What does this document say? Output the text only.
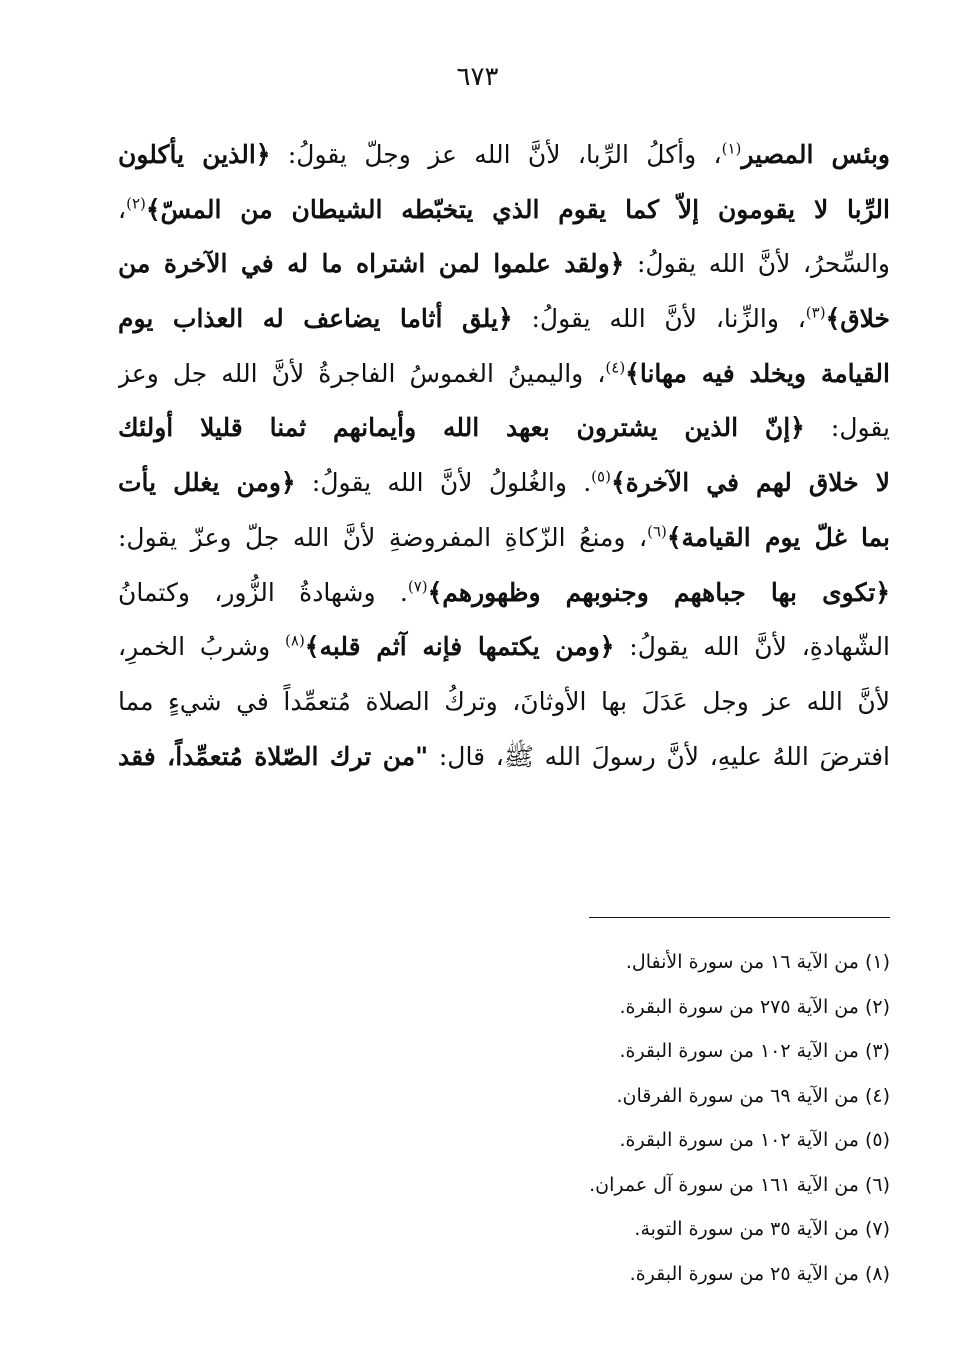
٦٧٣
وبئس المصير$^{(١)}$، وأكلُ الرِّبا، لأنَّ الله عز وجلّ يقولُ: ﴿الذين يأكلون
الرِّبا لا يقومون إلاّ كما يقوم الذي يتخبّطه الشيطان من المسّ﴾$^{(٢)}$،
والسِّحرُ، لأنَّ الله يقولُ: ﴿ولقد علموا لمن اشتراه ما له في الآخرة من
خلاق﴾$^{(٣)}$، والزِّنا، لأنَّ الله يقولُ: ﴿يلق أثاما يضاعف له العذاب يوم
القيامة ويخلد فيه مهانا﴾$^{(٤)}$، واليمينُ الغموسُ الفاجرةُ لأنَّ الله جل وعز
يقول: ﴿إنّ الذين يشترون بعهد الله وأيمانهم ثمنا قليلا أولئك
لا خلاق لهم في الآخرة﴾$^{(٥)}$. والغُلولُ لأنَّ الله يقولُ: ﴿ومن يغلل يأت
بما غلّ يوم القيامة﴾$^{(٦)}$، ومنعُ الزّكاةِ المفروضةِ لأنَّ الله جلّ وعزّ يقول:
﴿تكوى بها جباههم وجنوبهم وظهورهم﴾$^{(٧)}$. وشهادةُ الزُّور، وكتمانُ
الشّهادةِ، لأنَّ الله يقولُ: ﴿ومن يكتمها فإنه آثم قلبه﴾$^{(٨)}$ وشربُ الخمرِ،
لأنَّ الله عز وجل عَدَلَ بها الأوثانَ، وتركُ الصلاة مُتعمِّداً في شيءٍ مما
افترضَ اللهُ عليهِ، لأنَّ رسولَ الله ﷺ، قال: "من ترك الصّلاة مُتعمِّداً، فقد
(١) من الآية ١٦ من سورة الأنفال.
(٢) من الآية ٢٧٥ من سورة البقرة.
(٣) من الآية ١٠٢ من سورة البقرة.
(٤) من الآية ٦٩ من سورة الفرقان.
(٥) من الآية ١٠٢ من سورة البقرة.
(٦) من الآية ١٦١ من سورة آل عمران.
(٧) من الآية ٣٥ من سورة التوبة.
(٨) من الآية ٢٥ من سورة البقرة.
